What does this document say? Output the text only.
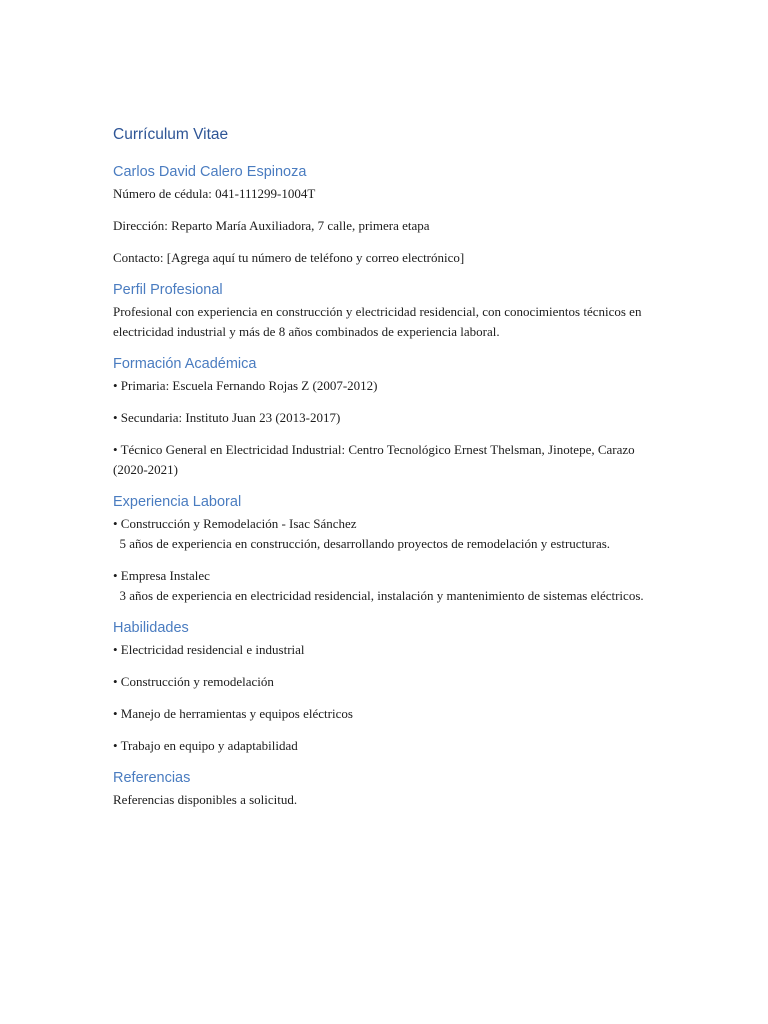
Currículum Vitae
Carlos David Calero Espinoza

Número de cédula: 041-111299-1004T

Dirección: Reparto María Auxiliadora, 7 calle, primera etapa

Contacto: [Agrega aquí tu número de teléfono y correo electrónico]

Perfil Profesional

Profesional con experiencia en construcción y electricidad residencial, con conocimientos técnicos en electricidad industrial y más de 8 años combinados de experiencia laboral.

Formación Académica

• Primaria: Escuela Fernando Rojas Z (2007-2012)

• Secundaria: Instituto Juan 23 (2013-2017)

• Técnico General en Electricidad Industrial: Centro Tecnológico Ernest Thelsman, Jinotepe, Carazo (2020-2021)

Experiencia Laboral

• Construcción y Remodelación - Isac Sánchez
5 años de experiencia en construcción, desarrollando proyectos de remodelación y estructuras.

• Empresa Instalec
3 años de experiencia en electricidad residencial, instalación y mantenimiento de sistemas eléctricos.

Habilidades

• Electricidad residencial e industrial

• Construcción y remodelación

• Manejo de herramientas y equipos eléctricos

• Trabajo en equipo y adaptabilidad

Referencias

Referencias disponibles a solicitud.
